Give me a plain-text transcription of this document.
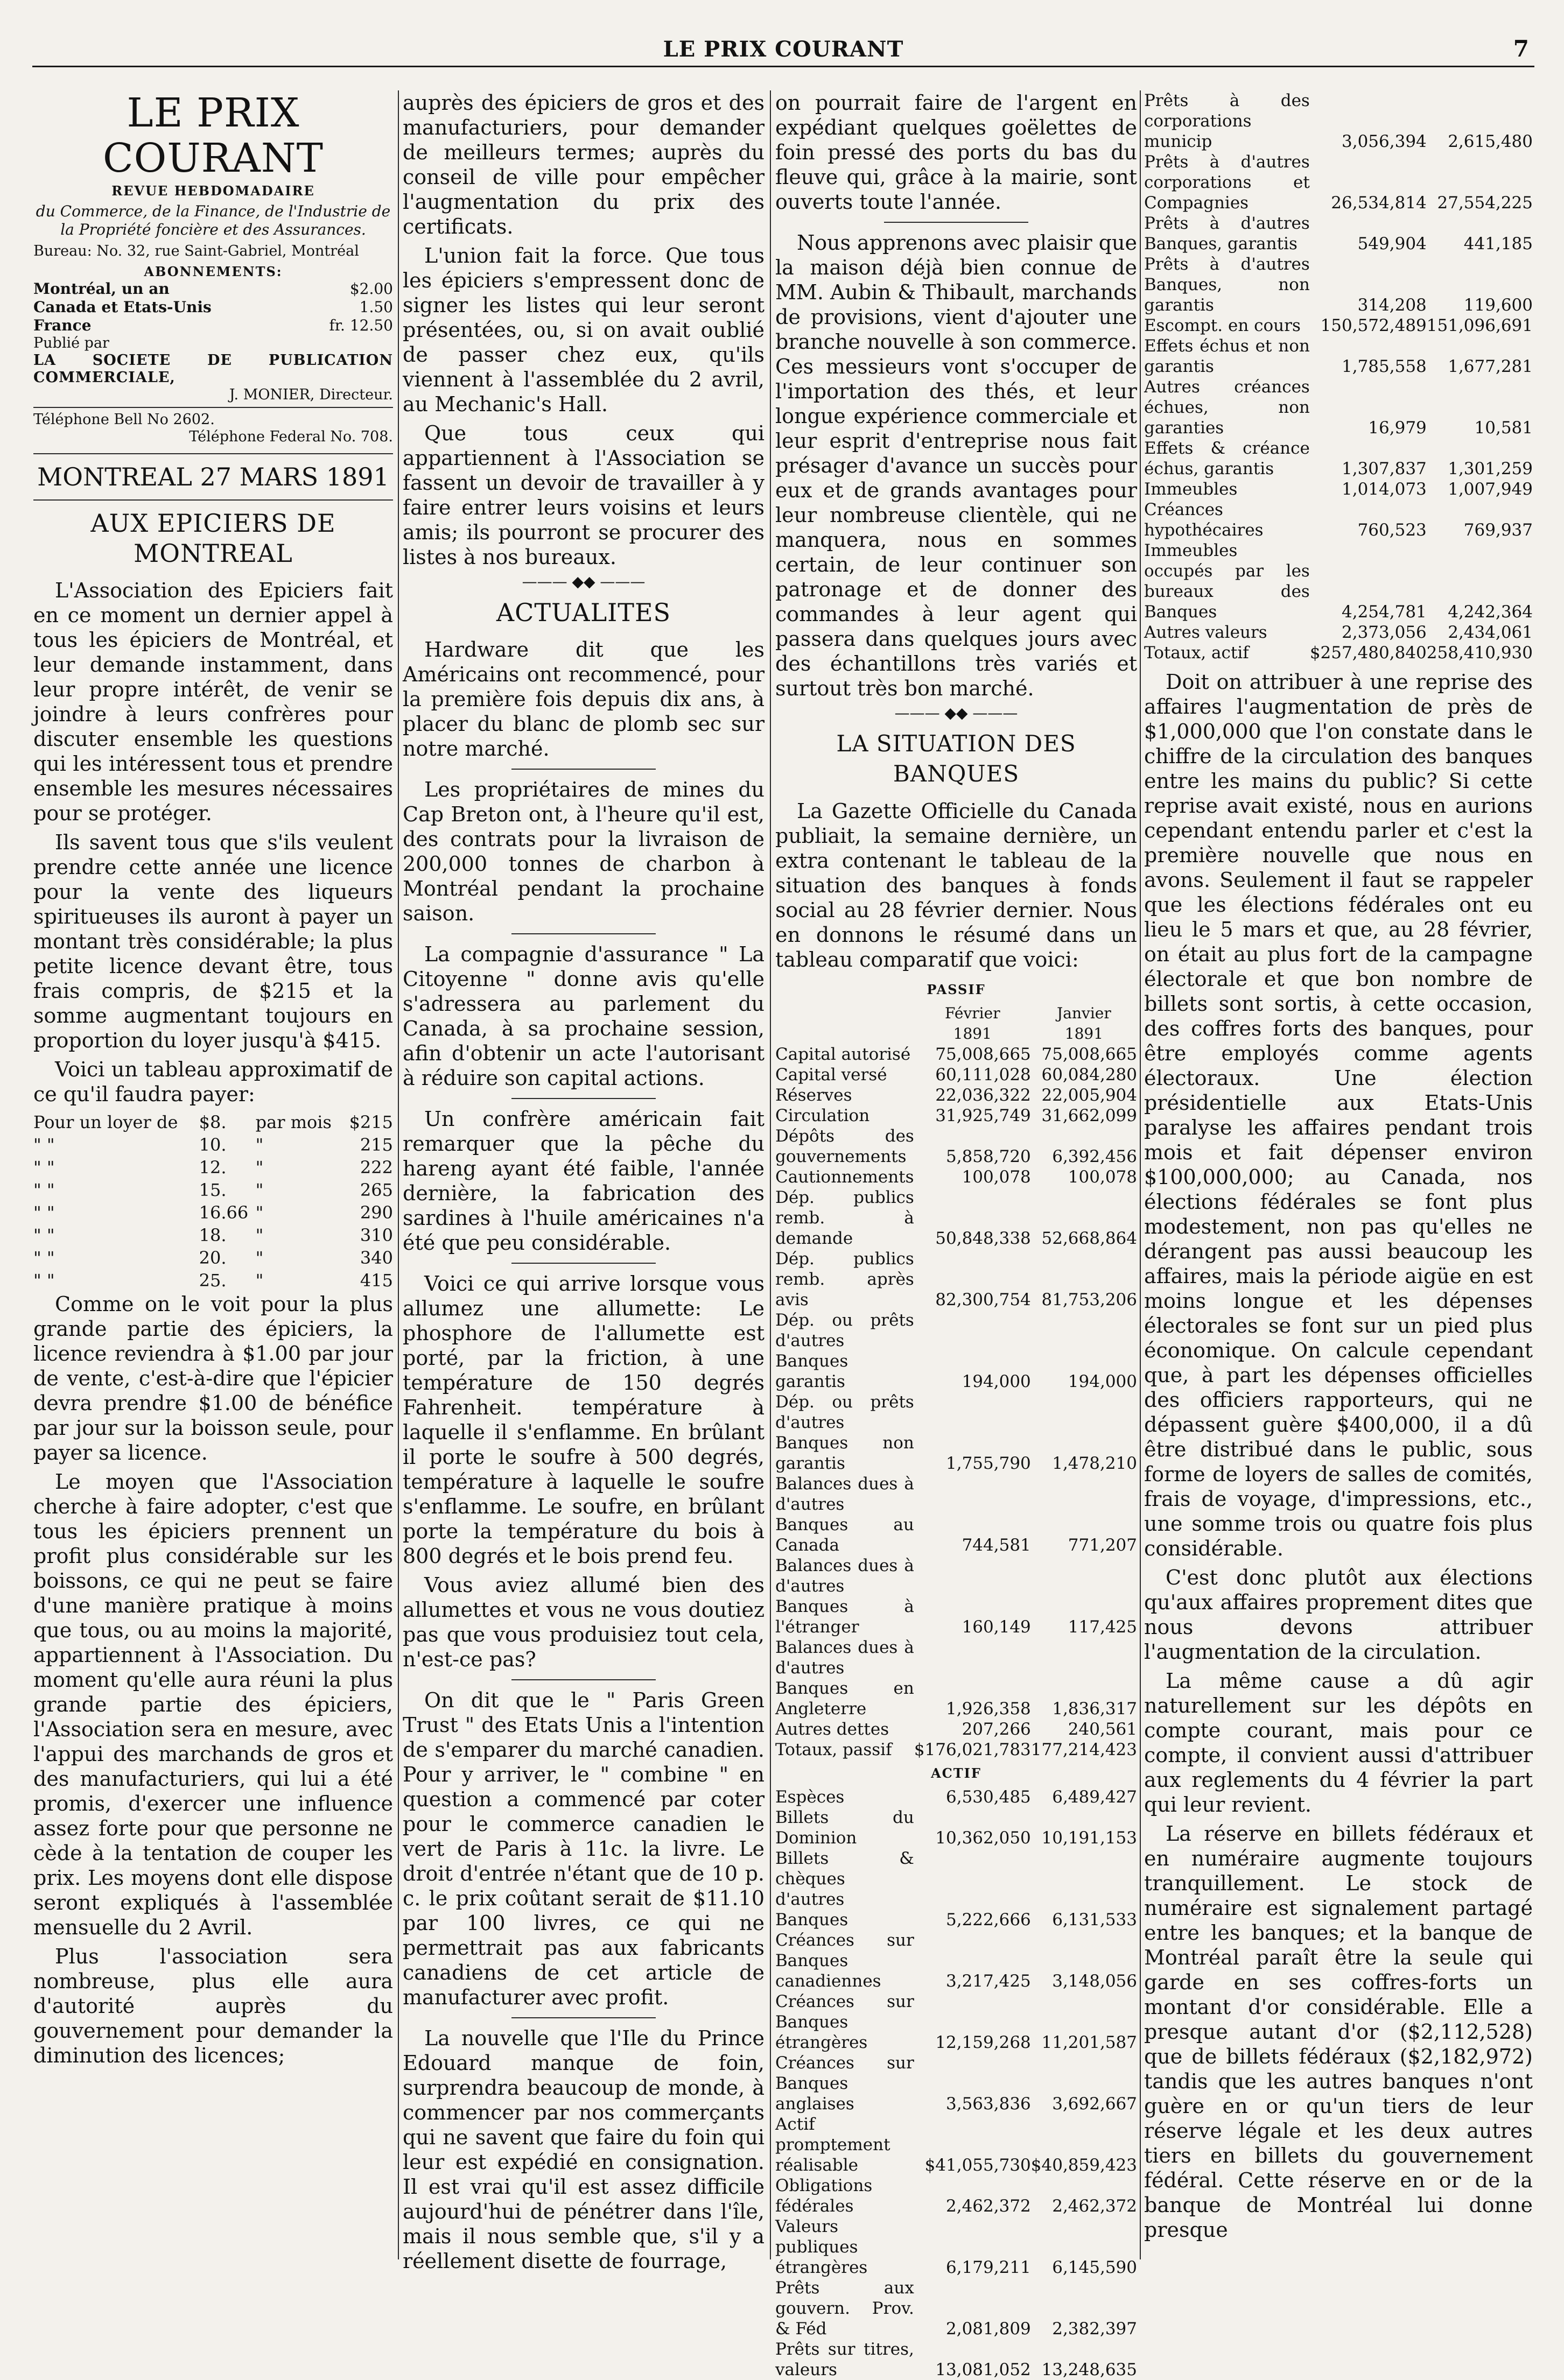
LE PRIX COURANT	7
LE PRIX COURANT
REVUE HEBDOMADAIRE
du Commerce, de la Finance, de l'Industrie de la Propriété foncière et des Assurances.
Bureau: No. 32, rue Saint-Gabriel, Montréal
ABONNEMENTS:
Montréal, un an	$2.00
Canada et Etats-Unis	1.50
France	fr. 12.50
Publié par
LA SOCIETE DE PUBLICATION COMMERCIALE,
J. MONIER, Directeur.
Téléphone Bell No 2602.
Téléphone Federal No. 708.
MONTREAL 27 MARS 1891
AUX EPICIERS DE MONTREAL

L'Association des Epiciers fait en ce moment un dernier appel à tous les épiciers de Montréal, et leur demande instamment, dans leur propre intérêt, de venir se joindre à leurs confrères pour discuter ensemble les questions qui les intéressent tous et prendre ensemble les mesures nécessaires pour se protéger.

Ils savent tous que s'ils veulent prendre cette année une licence pour la vente des liqueurs spiritueuses ils auront à payer un montant très considérable; la plus petite licence devant être, tous frais compris, de $215 et la somme augmentant toujours en proportion du loyer jusqu'à $415.

Voici un tableau approximatif de ce qu'il faudra payer:

Pour un loyer de	$8.	par mois	$215
" "	10.	"	215
" "	12.	"	222
" "	15.	"	265
" "	16.66	"	290
" "	18.	"	310
" "	20.	"	340
" "	25.	"	415

Comme on le voit pour la plus grande partie des épiciers, la licence reviendra à $1.00 par jour de vente, c'est-à-dire que l'épicier devra prendre $1.00 de bénéfice par jour sur la boisson seule, pour payer sa licence.

Le moyen que l'Association cherche à faire adopter, c'est que tous les épiciers prennent un profit plus considérable sur les boissons, ce qui ne peut se faire d'une manière pratique à moins que tous, ou au moins la majorité, appartiennent à l'Association. Du moment qu'elle aura réuni la plus grande partie des épiciers, l'Association sera en mesure, avec l'appui des marchands de gros et des manufacturiers, qui lui a été promis, d'exercer une influence assez forte pour que personne ne cède à la tentation de couper les prix. Les moyens dont elle dispose seront expliqués à l'assemblée mensuelle du 2 Avril.

Plus l'association sera nombreuse, plus elle aura d'autorité auprès du gouvernement pour demander la diminution des licences;

auprès des épiciers de gros et des manufacturiers, pour demander de meilleurs termes; auprès du conseil de ville pour empêcher l'augmentation du prix des certificats.

L'union fait la force. Que tous les épiciers s'empressent donc de signer les listes qui leur seront présentées, ou, si on avait oublié de passer chez eux, qu'ils viennent à l'assemblée du 2 avril, au Mechanic's Hall.

Que tous ceux qui appartiennent à l'Association se fassent un devoir de travailler à y faire entrer leurs voisins et leurs amis; ils pourront se procurer des listes à nos bureaux.

——— ◆◆ ———
ACTUALITES

Hardware dit que les Américains ont recommencé, pour la première fois depuis dix ans, à placer du blanc de plomb sec sur notre marché.

Les propriétaires de mines du Cap Breton ont, à l'heure qu'il est, des contrats pour la livraison de 200,000 tonnes de charbon à Montréal pendant la prochaine saison.

La compagnie d'assurance " La Citoyenne " donne avis qu'elle s'adressera au parlement du Canada, à sa prochaine session, afin d'obtenir un acte l'autorisant à réduire son capital actions.

Un confrère américain fait remarquer que la pêche du hareng ayant été faible, l'année dernière, la fabrication des sardines à l'huile américaines n'a été que peu considérable.

Voici ce qui arrive lorsque vous allumez une allumette: Le phosphore de l'allumette est porté, par la friction, à une température de 150 degrés Fahrenheit. température à laquelle il s'enflamme. En brûlant il porte le soufre à 500 degrés, température à laquelle le soufre s'enflamme. Le soufre, en brûlant porte la température du bois à 800 degrés et le bois prend feu.

Vous aviez allumé bien des allumettes et vous ne vous doutiez pas que vous produisiez tout cela, n'est-ce pas?

On dit que le " Paris Green Trust " des Etats Unis a l'intention de s'emparer du marché canadien. Pour y arriver, le " combine " en question a commencé par coter pour le commerce canadien le vert de Paris à 11c. la livre. Le droit d'entrée n'étant que de 10 p. c. le prix coûtant serait de $11.10 par 100 livres, ce qui ne permettrait pas aux fabricants canadiens de cet article de manufacturer avec profit.

La nouvelle que l'Ile du Prince Edouard manque de foin, surprendra beaucoup de monde, à commencer par nos commerçants qui ne savent que faire du foin qui leur est expédié en consignation. Il est vrai qu'il est assez difficile aujourd'hui de pénétrer dans l'île, mais il nous semble que, s'il y a réellement disette de fourrage,

on pourrait faire de l'argent en expédiant quelques goëlettes de foin pressé des ports du bas du fleuve qui, grâce à la mairie, sont ouverts toute l'année.

Nous apprenons avec plaisir que la maison déjà bien connue de MM. Aubin & Thibault, marchands de provisions, vient d'ajouter une branche nouvelle à son commerce. Ces messieurs vont s'occuper de l'importation des thés, et leur longue expérience commerciale et leur esprit d'entreprise nous fait présager d'avance un succès pour eux et de grands avantages pour leur nombreuse clientèle, qui ne manquera, nous en sommes certain, de leur continuer son patronage et de donner des commandes à leur agent qui passera dans quelques jours avec des échantillons très variés et surtout très bon marché.

——— ◆◆ ———
LA SITUATION DES BANQUES

La Gazette Officielle du Canada publiait, la semaine dernière, un extra contenant le tableau de la situation des banques à fonds social au 28 février dernier. Nous en donnons le résumé dans un tableau comparatif que voici:

PASSIF		
	Février	Janvier
	1891	1891
Capital autorisé	75,008,665	75,008,665
Capital versé	60,111,028	60,084,280
Réserves	22,036,322	22,005,904
Circulation	31,925,749	31,662,099
Dépôts des gouvernements	5,858,720	6,392,456
Cautionnements	100,078	100,078
Dép. publics remb. à demande	50,848,338	52,668,864
Dép. publics remb. après avis	82,300,754	81,753,206
Dép. ou prêts d'autres Banques garantis	194,000	194,000
Dép. ou prêts d'autres Banques non garantis	1,755,790	1,478,210
Balances dues à d'autres Banques au Canada	744,581	771,207
Balances dues à d'autres Banques à l'étranger	160,149	117,425
Balances dues à d'autres Banques en Angleterre	1,926,358	1,836,317
Autres dettes	207,266	240,561
Totaux, passif	$176,021,783	177,214,423
ACTIF		
Espèces	6,530,485	6,489,427
Billets du Dominion	10,362,050	10,191,153
Billets & chèques d'autres Banques	5,222,666	6,131,533
Créances sur Banques canadiennes	3,217,425	3,148,056
Créances sur Banques étrangères	12,159,268	11,201,587
Créances sur Banques anglaises	3,563,836	3,692,667
Actif promptement réalisable	$41,055,730	$40,859,423
Obligations fédérales	2,462,372	2,462,372
Valeurs publiques étrangères	6,179,211	6,145,590
Prêts aux gouvern. Prov. & Féd	2,081,809	2,382,397
Prêts sur titres, valeurs	13,081,052	13,248,635
Prêts à des corporations municip	3,056,394	2,615,480
Prêts à d'autres corporations et Compagnies	26,534,814	27,554,225
Prêts à d'autres Banques, garantis	549,904	441,185
Prêts à d'autres Banques, non garantis	314,208	119,600
Escompt. en cours	150,572,489	151,096,691
Effets échus et non garantis	1,785,558	1,677,281
Autres créances échues, non garanties	16,979	10,581
Effets & créance échus, garantis	1,307,837	1,301,259
Immeubles	1,014,073	1,007,949
Créances hypothécaires	760,523	769,937
Immeubles occupés par les bureaux des Banques	4,254,781	4,242,364
Autres valeurs	2,373,056	2,434,061
Totaux, actif	$257,480,840	258,410,930

Doit on attribuer à une reprise des affaires l'augmentation de près de $1,000,000 que l'on constate dans le chiffre de la circulation des banques entre les mains du public? Si cette reprise avait existé, nous en aurions cependant entendu parler et c'est la première nouvelle que nous en avons. Seulement il faut se rappeler que les élections fédérales ont eu lieu le 5 mars et que, au 28 février, on était au plus fort de la campagne électorale et que bon nombre de billets sont sortis, à cette occasion, des coffres forts des banques, pour être employés comme agents électoraux. Une élection présidentielle aux Etats-Unis paralyse les affaires pendant trois mois et fait dépenser environ $100,000,000; au Canada, nos élections fédérales se font plus modestement, non pas qu'elles ne dérangent pas aussi beaucoup les affaires, mais la période aigüe en est moins longue et les dépenses électorales se font sur un pied plus économique. On calcule cependant que, à part les dépenses officielles des officiers rapporteurs, qui ne dépassent guère $400,000, il a dû être distribué dans le public, sous forme de loyers de salles de comités, frais de voyage, d'impressions, etc., une somme trois ou quatre fois plus considérable.

C'est donc plutôt aux élections qu'aux affaires proprement dites que nous devons attribuer l'augmentation de la circulation.

La même cause a dû agir naturellement sur les dépôts en compte courant, mais pour ce compte, il convient aussi d'attribuer aux reglements du 4 février la part qui leur revient.

La réserve en billets fédéraux et en numéraire augmente toujours tranquillement. Le stock de numéraire est signalement partagé entre les banques; et la banque de Montréal paraît être la seule qui garde en ses coffres-forts un montant d'or considérable. Elle a presque autant d'or ($2,112,528) que de billets fédéraux ($2,182,972) tandis que les autres banques n'ont guère en or qu'un tiers de leur réserve légale et les deux autres tiers en billets du gouvernement fédéral. Cette réserve en or de la banque de Montréal lui donne presque
